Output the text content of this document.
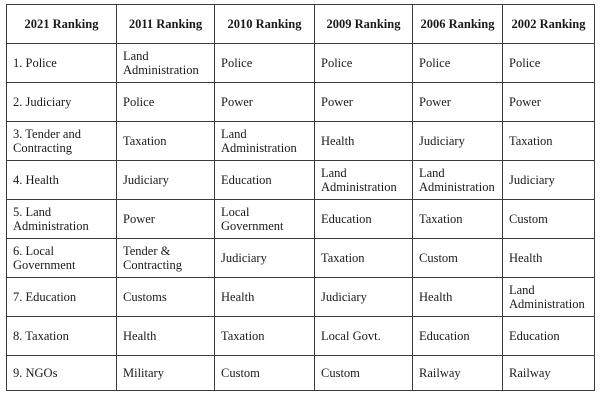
2021 Ranking	2011 Ranking	2010 Ranking	2009 Ranking	2006 Ranking	2002 Ranking
1. Police	Land Administration	Police	Police	Police	Police
2. Judiciary	Police	Power	Power	Power	Power
3. Tender and Contracting	Taxation	Land Administration	Health	Judiciary	Taxation
4. Health	Judiciary	Education	Land Administration	Land Administration	Judiciary
5. Land Administration	Power	Local Government	Education	Taxation	Custom
6. Local Government	Tender & Contracting	Judiciary	Taxation	Custom	Health
7. Education	Customs	Health	Judiciary	Health	Land Administration
8. Taxation	Health	Taxation	Local Govt.	Education	Education
9. NGOs	Military	Custom	Custom	Railway	Railway
